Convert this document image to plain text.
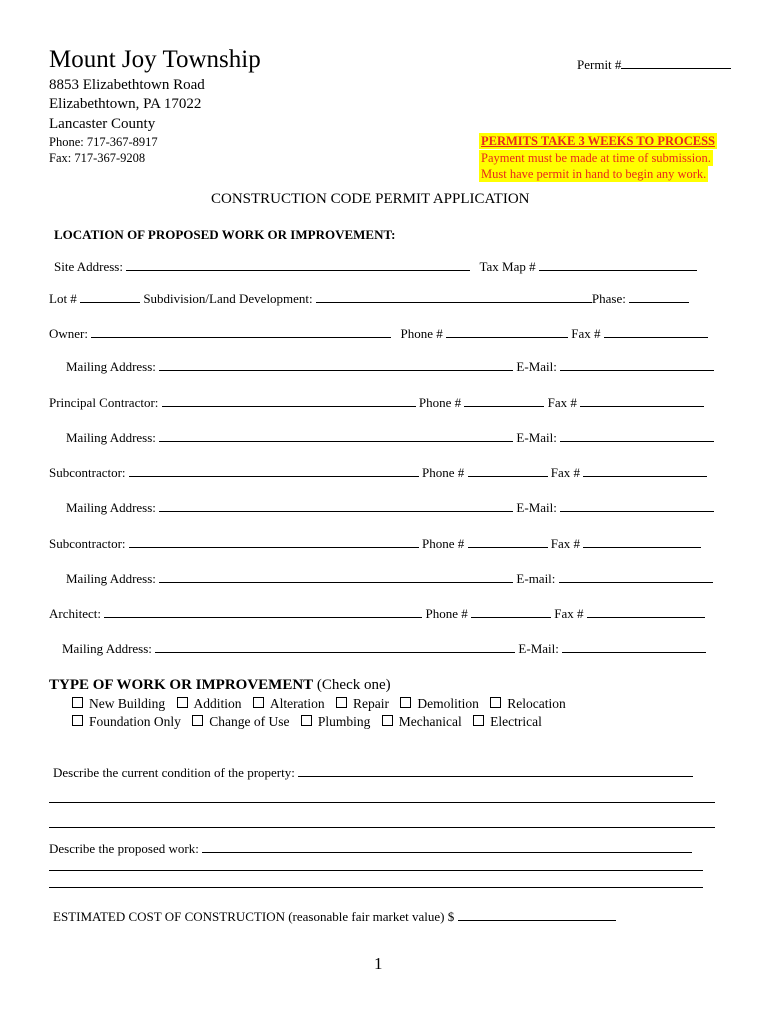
Mount Joy Township	Permit #
8853 Elizabethtown Road
Elizabethtown, PA 17022
Lancaster County
Phone: 717-367-8917
Fax: 717-367-9208
PERMITS TAKE 3 WEEKS TO PROCESS
Payment must be made at time of submission.
Must have permit in hand to begin any work.
CONSTRUCTION CODE PERMIT APPLICATION
LOCATION OF PROPOSED WORK OR IMPROVEMENT:
Site Address:	Tax Map #
Lot #	Subdivision/Land Development:	Phase:
Owner:	Phone #	Fax #
Mailing Address:	E-Mail:
Principal Contractor:	Phone #	Fax #
Mailing Address:	E-Mail:
Subcontractor:	Phone #	Fax #
Mailing Address:	E-Mail:
Subcontractor:	Phone #	Fax #
Mailing Address:	E-mail:
Architect:	Phone #	Fax #
Mailing Address:	E-Mail:
TYPE OF WORK OR IMPROVEMENT (Check one)
New Building Addition Alteration Repair Demolition Relocation
Foundation Only Change of Use Plumbing Mechanical Electrical
Describe the current condition of the property:
Describe the proposed work:
ESTIMATED COST OF CONSTRUCTION (reasonable fair market value) $
1
